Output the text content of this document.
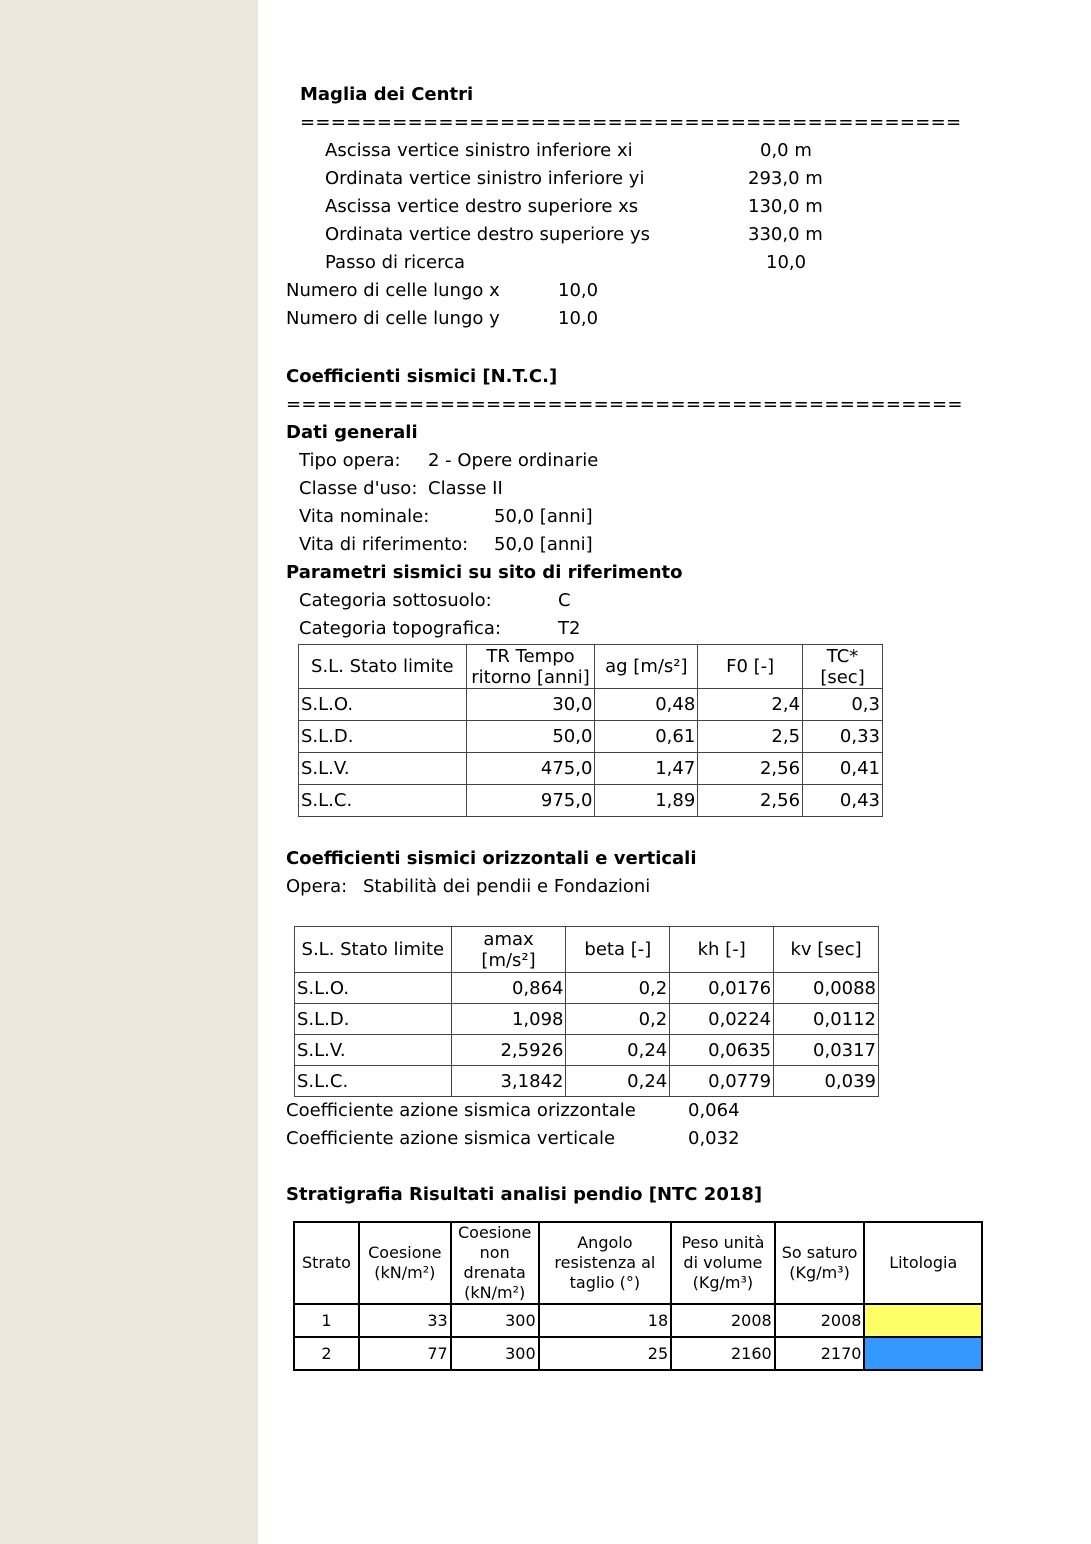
Maglia dei Centri
===========================================
Ascissa vertice sinistro inferiore xi	0,0 m
Ordinata vertice sinistro inferiore yi	293,0 m
Ascissa vertice destro superiore xs	130,0 m
Ordinata vertice destro superiore ys	330,0 m
Passo di ricerca	10,0
Numero di celle lungo x	10,0
Numero di celle lungo y	10,0
Coefficienti sismici [N.T.C.]
============================================
Dati generali
Tipo opera: 2 - Opere ordinarie
Classe d'uso: Classe II
Vita nominale:	50,0 [anni]
Vita di riferimento: 50,0 [anni]
Parametri sismici su sito di riferimento
Categoria sottosuolo:	C
Categoria topografica:	T2
S.L. Stato limite	TR Tempo ritorno [anni]	ag [m/s²]	F0 [-]	TC* [sec]
S.L.O.	30,0	0,48	2,4	0,3
S.L.D.	50,0	0,61	2,5	0,33
S.L.V.	475,0	1,47	2,56	0,41
S.L.C.	975,0	1,89	2,56	0,43
Coefficienti sismici orizzontali e verticali
Opera: Stabilità dei pendii e Fondazioni
S.L. Stato limite	amax [m/s²]	beta [-]	kh [-]	kv [sec]
S.L.O.	0,864	0,2	0,0176	0,0088
S.L.D.	1,098	0,2	0,0224	0,0112
S.L.V.	2,5926	0,24	0,0635	0,0317
S.L.C.	3,1842	0,24	0,0779	0,039
Coefficiente azione sismica orizzontale	0,064
Coefficiente azione sismica verticale	0,032
Stratigrafia Risultati analisi pendio [NTC 2018]
Strato	Coesione (kN/m²)	Coesione non drenata (kN/m²)	Angolo resistenza al taglio (°)	Peso unità di volume (Kg/m³)	So saturo (Kg/m³)	Litologia
1	33	300	18	2008	2008	
2	77	300	25	2160	2170	
